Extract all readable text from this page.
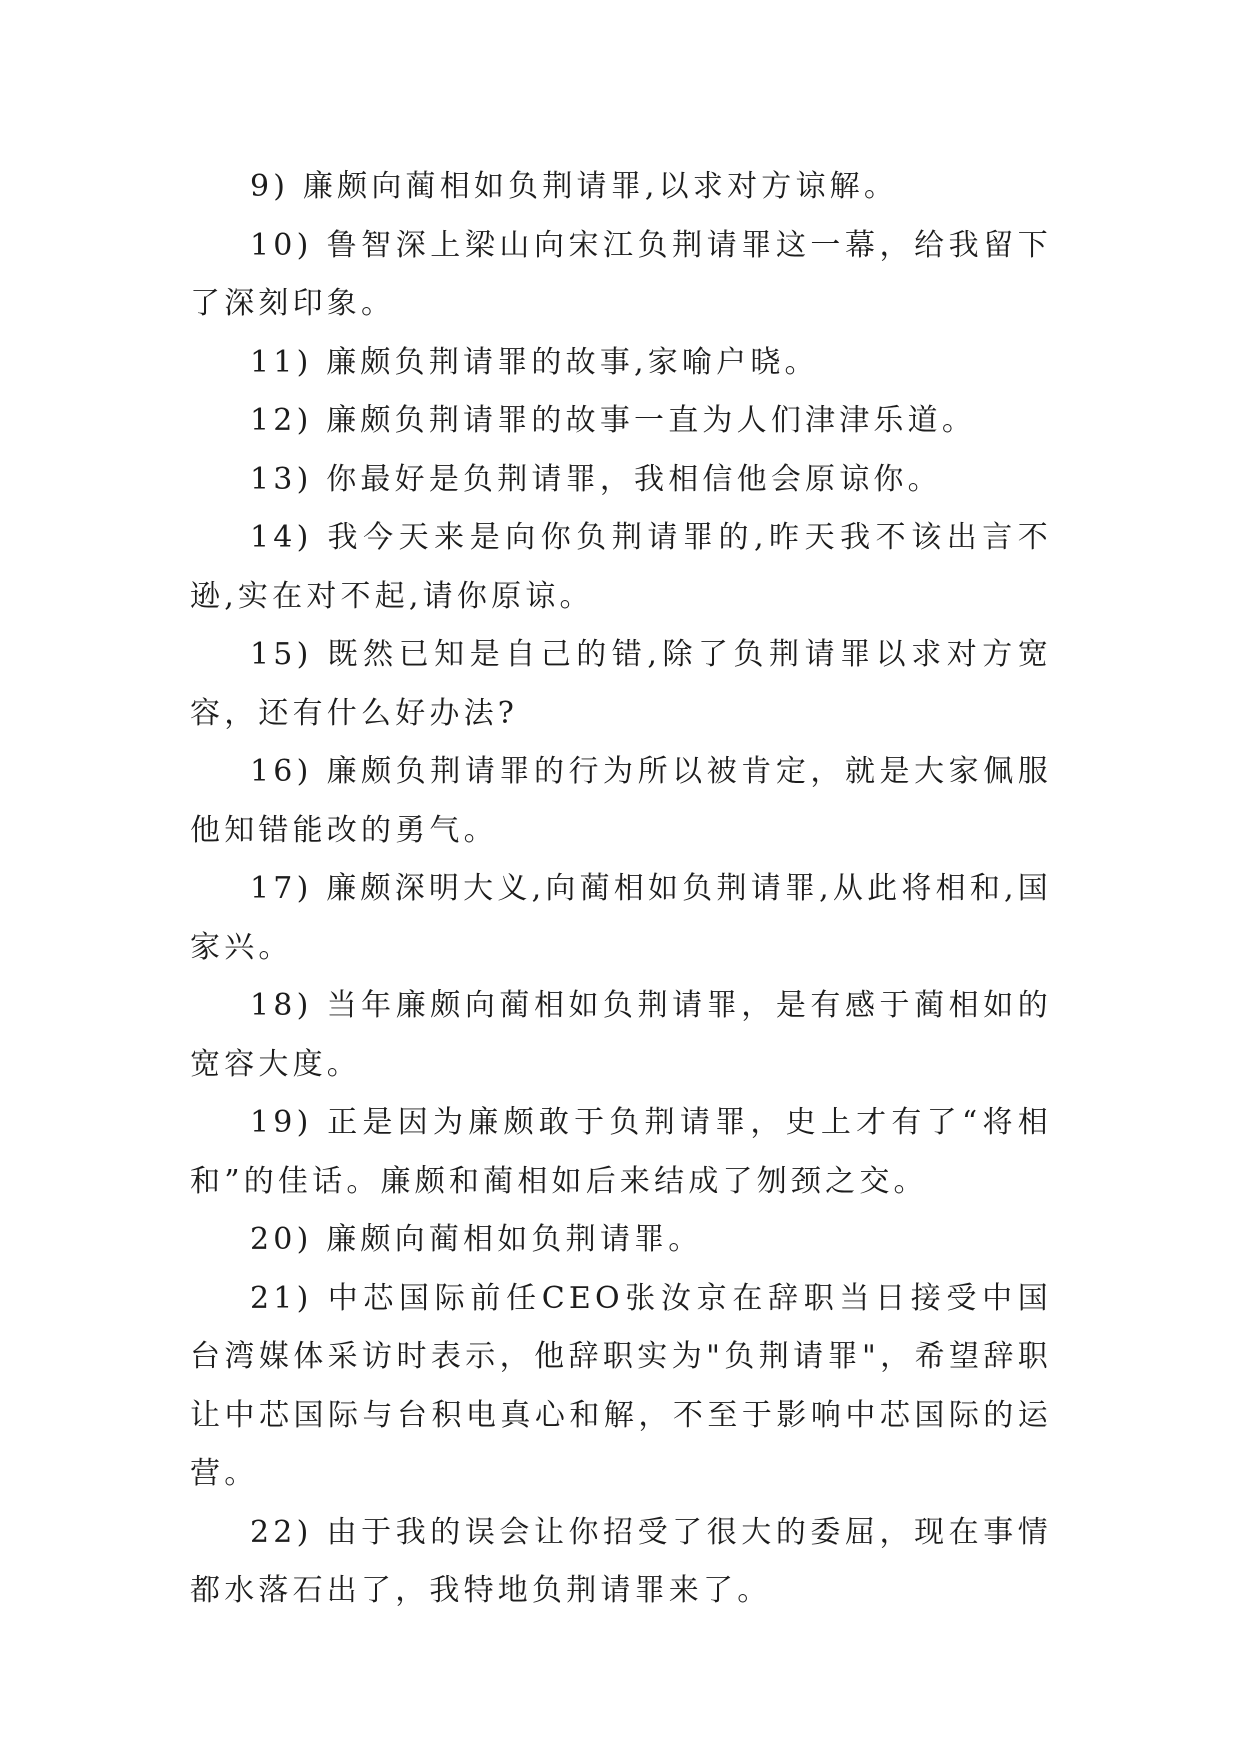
9) 廉颇向蔺相如负荆请罪,以求对方谅解。

10) 鲁智深上梁山向宋江负荆请罪这一幕，给我留下了深刻印象。

11) 廉颇负荆请罪的故事,家喻户晓。

12) 廉颇负荆请罪的故事一直为人们津津乐道。

13) 你最好是负荆请罪，我相信他会原谅你。

14) 我今天来是向你负荆请罪的,昨天我不该出言不逊,实在对不起,请你原谅。

15) 既然已知是自己的错,除了负荆请罪以求对方宽容，还有什么好办法?

16) 廉颇负荆请罪的行为所以被肯定，就是大家佩服他知错能改的勇气。

17) 廉颇深明大义,向蔺相如负荆请罪,从此将相和,国家兴。

18) 当年廉颇向蔺相如负荆请罪，是有感于蔺相如的宽容大度。

19) 正是因为廉颇敢于负荆请罪，史上才有了“将相和”的佳话。廉颇和蔺相如后来结成了刎颈之交。

20) 廉颇向蔺相如负荆请罪。

21) 中芯国际前任CEO张汝京在辞职当日接受中国台湾媒体采访时表示，他辞职实为"负荆请罪"，希望辞职让中芯国际与台积电真心和解，不至于影响中芯国际的运营。

22) 由于我的误会让你招受了很大的委屈，现在事情都水落石出了，我特地负荆请罪来了。
